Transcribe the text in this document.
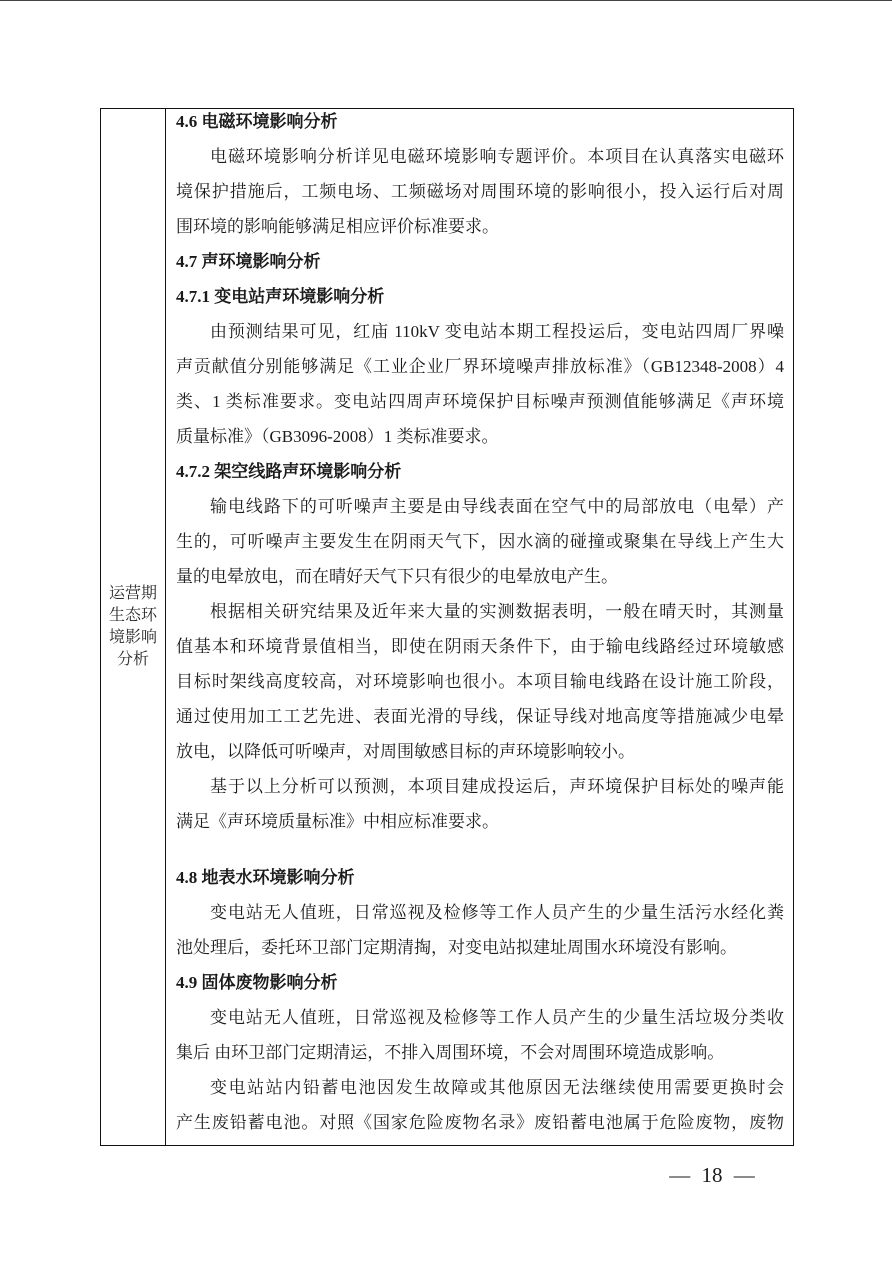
运营期生态环境影响分析
4.6 电磁环境影响分析
电磁环境影响分析详见电磁环境影响专题评价。本项目在认真落实电磁环
境保护措施后，工频电场、工频磁场对周围环境的影响很小，投入运行后对周
围环境的影响能够满足相应评价标准要求。
4.7 声环境影响分析
4.7.1 变电站声环境影响分析
由预测结果可见，红庙 110kV 变电站本期工程投运后，变电站四周厂界噪
声贡献值分别能够满足《工业企业厂界环境噪声排放标准》（GB12348-2008）4
类、1 类标准要求。变电站四周声环境保护目标噪声预测值能够满足《声环境
质量标准》（GB3096-2008）1 类标准要求。
4.7.2 架空线路声环境影响分析
输电线路下的可听噪声主要是由导线表面在空气中的局部放电（电晕）产
生的，可听噪声主要发生在阴雨天气下，因水滴的碰撞或聚集在导线上产生大
量的电晕放电，而在晴好天气下只有很少的电晕放电产生。
根据相关研究结果及近年来大量的实测数据表明，一般在晴天时，其测量
值基本和环境背景值相当，即使在阴雨天条件下，由于输电线路经过环境敏感
目标时架线高度较高，对环境影响也很小。本项目输电线路在设计施工阶段，
通过使用加工工艺先进、表面光滑的导线，保证导线对地高度等措施减少电晕
放电，以降低可听噪声，对周围敏感目标的声环境影响较小。
基于以上分析可以预测，本项目建成投运后，声环境保护目标处的噪声能
满足《声环境质量标准》中相应标准要求。
4.8 地表水环境影响分析
变电站无人值班，日常巡视及检修等工作人员产生的少量生活污水经化粪
池处理后，委托环卫部门定期清掏，对变电站拟建址周围水环境没有影响。
4.9 固体废物影响分析
变电站无人值班，日常巡视及检修等工作人员产生的少量生活垃圾分类收
集后 由环卫部门定期清运，不排入周围环境，不会对周围环境造成影响。
变电站站内铅蓄电池因发生故障或其他原因无法继续使用需要更换时会
产生废铅蓄电池。对照《国家危险废物名录》废铅蓄电池属于危险废物，废物
— 18 —
